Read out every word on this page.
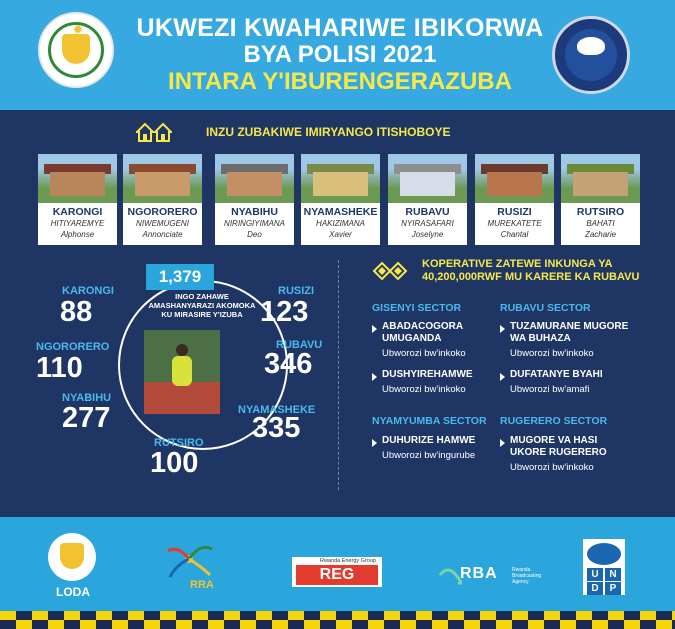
✹	UKWEZI KWAHARIWE IBIKORWA
BYA POLISI 2021
INTARA Y'IBURENGERAZUBA
INZU ZUBAKIWE IMIRYANGO ITISHOBOYE
KARONGI
HITIYAREMYE
Alphonse
NGORORERO
NIWEMUGENI
Annonciate
NYABIHU
NIRINGIYIMANA
Deo
NYAMASHEKE
HAKIZIMANA
Xavier
RUBAVU
NYIRASAFARI
Joselyne
RUSIZI
MUREKATETE
Chantal
RUTSIRO
BAHATI
Zacharie
1,379
INGO ZAHAWE
AMASHANYARAZI AKOMOKA
KU MIRASIRE Y'IZUBA
KARONGI
88
NGORORERO
110
NYABIHU
277
RUTSIRO
100
RUSIZI
123
RUBAVU
346
NYAMASHEKE
335
KOPERATIVE ZATEWE INKUNGA YA
40,200,000RWF MU KARERE KA RUBAVU
GISENYI SECTOR
ABADACOGORA
UMUGANDA
Ubworozi bw'inkoko
DUSHYIREHAMWE
Ubworozi bw'inkoko
RUBAVU SECTOR
TUZAMURANE MUGORE
WA BUHAZA
Ubworozi bw'inkoko
DUFATANYE BYAHI
Ubworozi bw'amafi
NYAMYUMBA SECTOR
DUHURIZE HAMWE
Ubworozi bw'ingurube
RUGERERO SECTOR
MUGORE VA HASI
UKORE RUGERERO
Ubworozi bw'inkoko
LODA	RRA
Rwanda Energy Group
REG	RBA	Rwanda Broadcasting Agency
U	N
D	P
